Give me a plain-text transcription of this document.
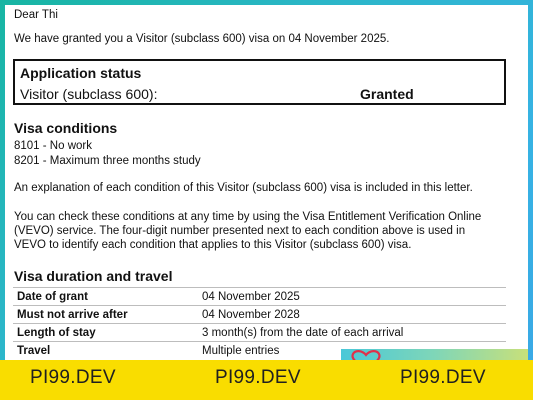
Dear Thi
We have granted you a Visitor (subclass 600) visa on 04 November 2025.
Application status
Visitor (subclass 600):	Granted
Visa conditions
8101 - No work
8201 - Maximum three months study
An explanation of each condition of this Visitor (subclass 600) visa is included in this letter.
You can check these conditions at any time by using the Visa Entitlement Verification Online
(VEVO) service. The four-digit number presented next to each condition above is used in
VEVO to identify each condition that applies to this Visitor (subclass 600) visa.
Visa duration and travel
Date of grant	04 November 2025
Must not arrive after	04 November 2028
Length of stay	3 month(s) from the date of each arrival
Travel	Multiple entries
PI99.DEV	PI99.DEV	PI99.DEV
